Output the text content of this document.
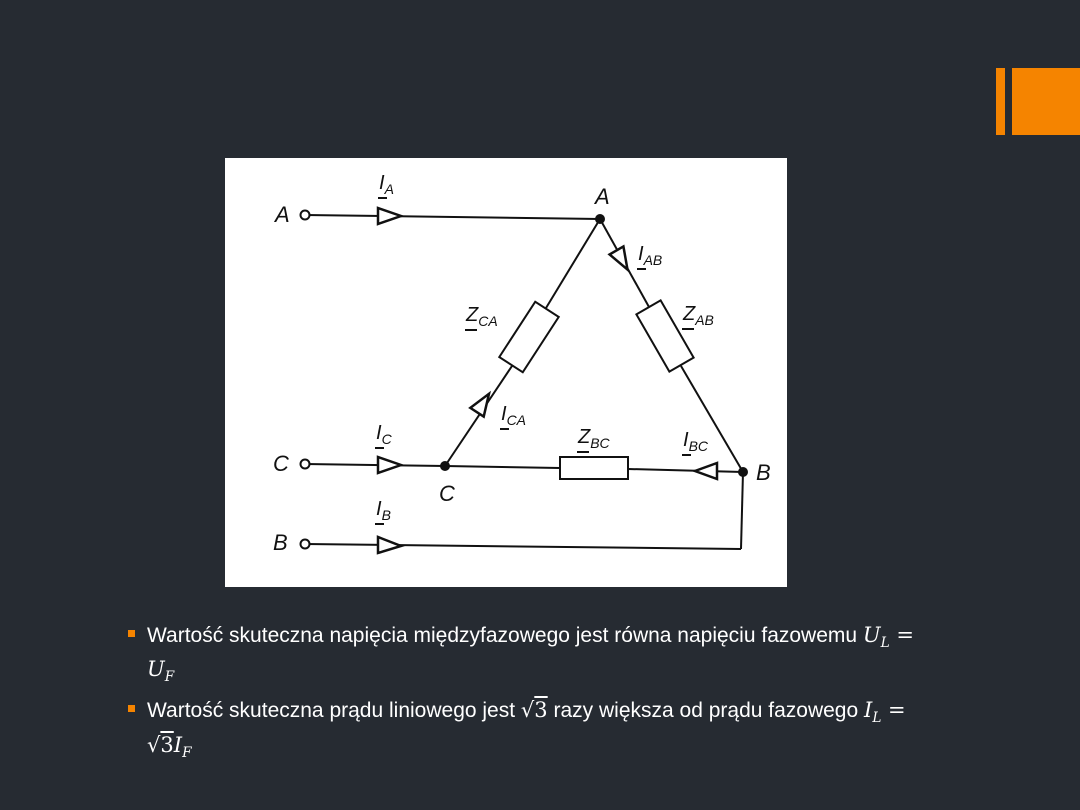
A
B
C
A
C
B
$I_A$
$I_C$
$I_B$
$I_{AB}$
$I_{CA}$
$I_{BC}$
$Z_{CA}$	$Z_{AB}$
$Z_{BC}$
Wartość skuteczna napięcia międzyfazowego jest równa napięciu fazowemu $U_L = U_F$
Wartość skuteczna prądu liniowego jest √3 razy większa od prądu fazowego $I_L = √3I_F$
